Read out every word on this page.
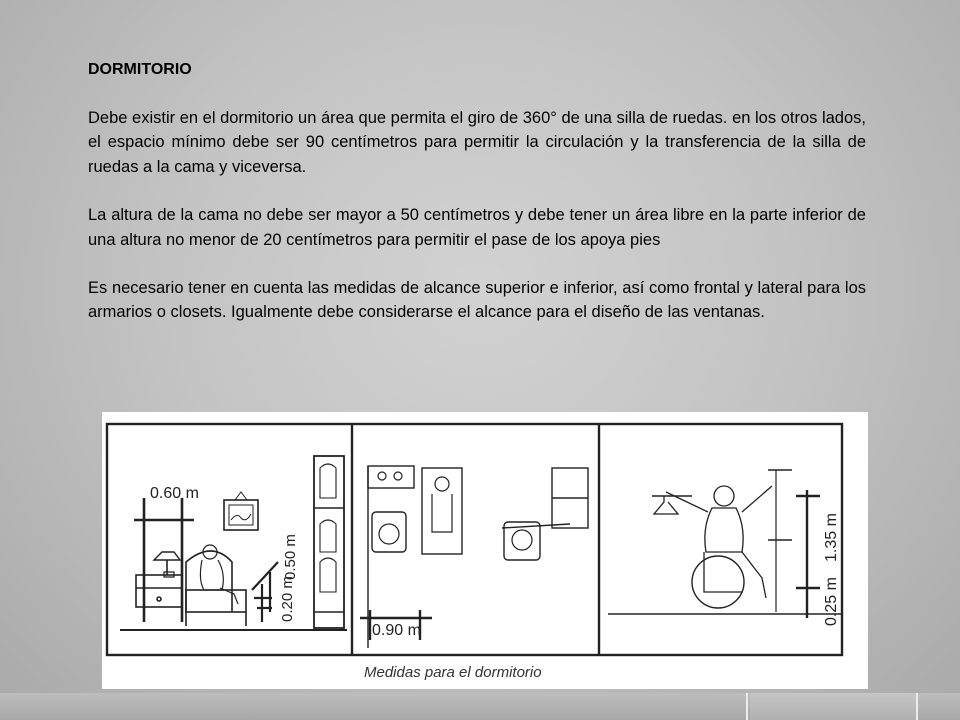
DORMITORIO

Debe existir en el dormitorio un área que permita el giro de 360° de una silla de ruedas. en los otros lados, el espacio mínimo debe ser 90 centímetros para permitir la circulación y la transferencia de la silla de ruedas a la cama y viceversa.

La altura de la cama no debe ser mayor a 50 centímetros y debe tener un área libre en la parte inferior de una altura no menor de 20 centímetros para permitir el pase de los apoya pies

Es necesario tener en cuenta las medidas de alcance superior e inferior, así como frontal y lateral para los armarios o closets. Igualmente debe considerarse el alcance para el diseño de las ventanas.

0.20 m
0.50 m
0.60 m
0.90 m
1.35 m
0.25 m
Medidas para el dormitorio
